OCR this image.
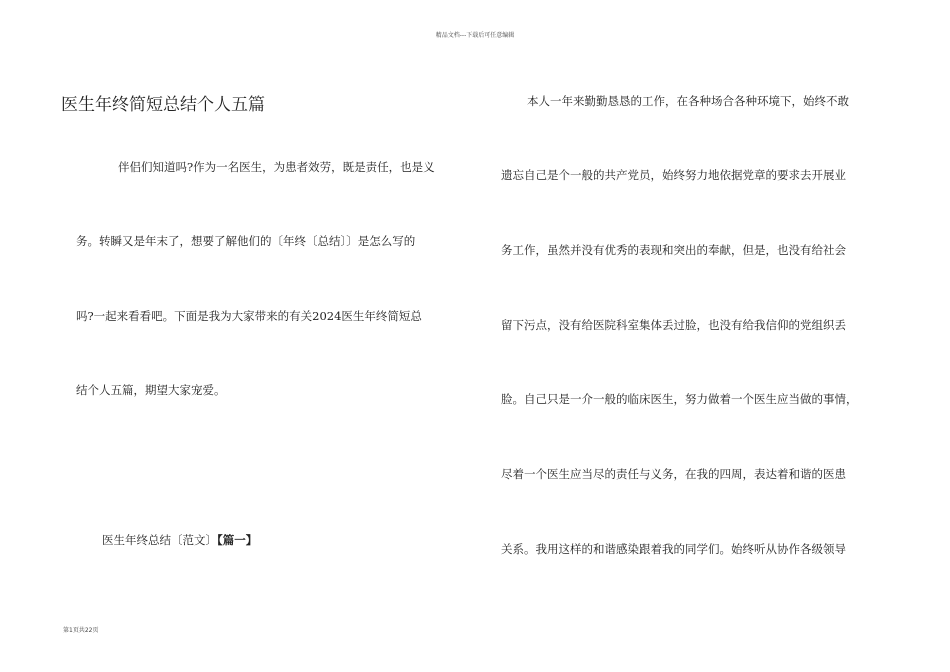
精品文档---下载后可任意编辑
医生年终简短总结个人五篇
伴侣们知道吗?作为一名医生，为患者效劳，既是责任，也是义
务。转瞬又是年末了，想要了解他们的〔年终〔总结〕〕是怎么写的
吗?一起来看看吧。下面是我为大家带来的有关2024医生年终简短总
结个人五篇，期望大家宠爱。
医生年终总结〔范文〕【篇一】
本人一年来勤勤恳恳的工作，在各种场合各种环境下，始终不敢
遗忘自己是个一般的共产党员，始终努力地依据党章的要求去开展业
务工作，虽然并没有优秀的表现和突出的奉献，但是，也没有给社会
留下污点，没有给医院科室集体丢过脸，也没有给我信仰的党组织丢
脸。自己只是一介一般的临床医生，努力做着一个医生应当做的事情，
尽着一个医生应当尽的责任与义务，在我的四周，表达着和谐的医患
关系。我用这样的和谐感染跟着我的同学们。始终听从协作各级领导
第1页共22页
